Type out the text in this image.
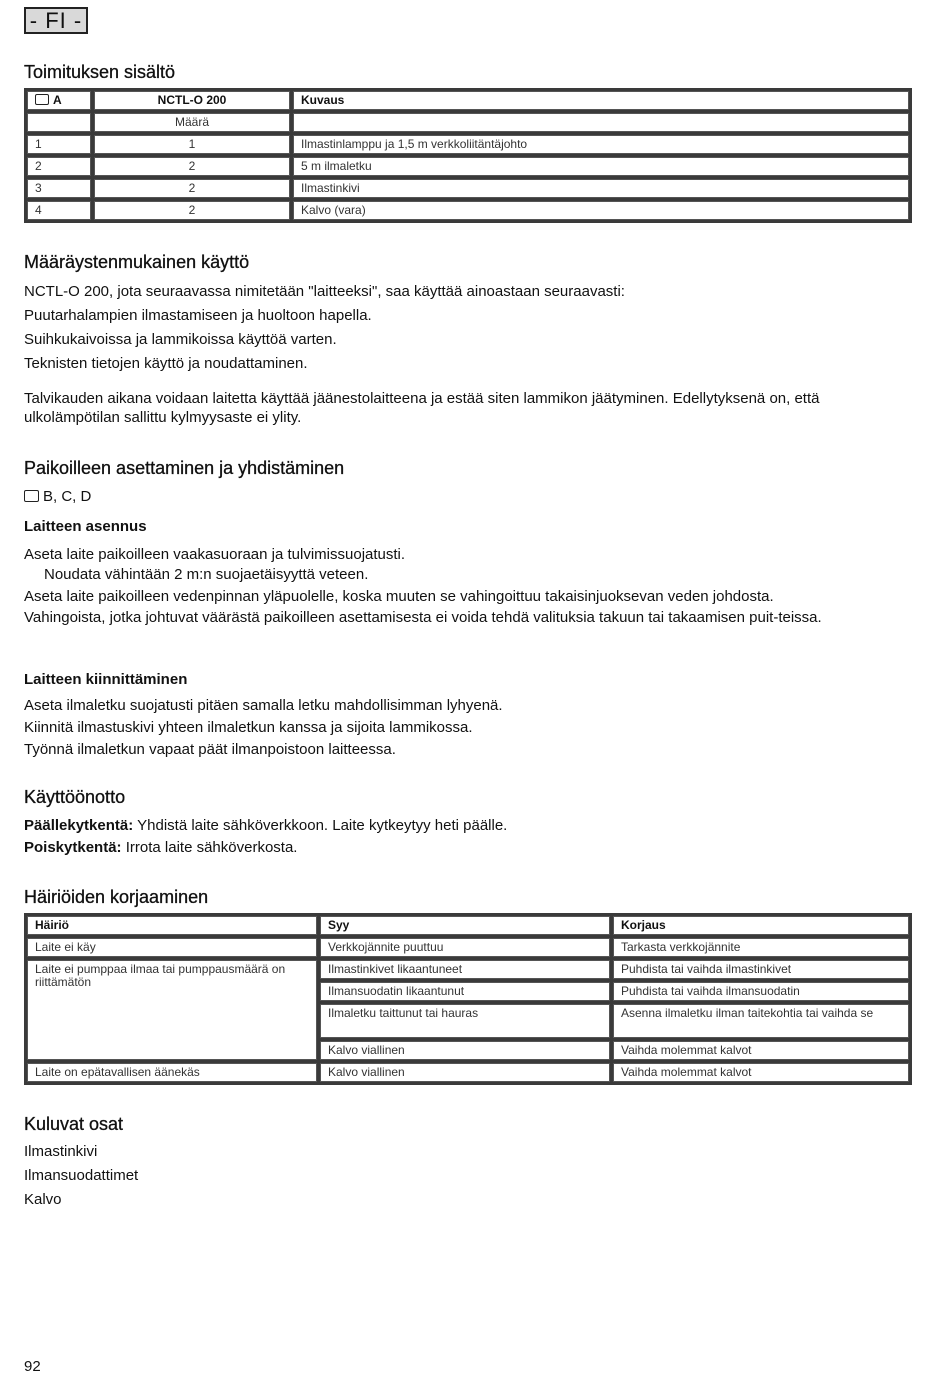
- FI -
Toimituksen sisältö
A	NCTL-O 200	Kuvaus
	Määrä	
1	1	Ilmastinlamppu ja 1,5 m verkkoliitäntäjohto
2	2	5 m ilmaletku
3	2	Ilmastinkivi
4	2	Kalvo (vara)
Määräystenmukainen käyttö

NCTL-O 200, jota seuraavassa nimitetään "laitteeksi", saa käyttää ainoastaan seuraavasti:

Puutarhalampien ilmastamiseen ja huoltoon hapella.

Suihkukaivoissa ja lammikoissa käyttöä varten.

Teknisten tietojen käyttö ja noudattaminen.

Talvikauden aikana voidaan laitetta käyttää jäänestolaitteena ja estää siten lammikon jäätyminen. Edellytyksenä on, että ulkolämpötilan sallittu kylmyysaste ei ylity.

Paikoilleen asettaminen ja yhdistäminen

B, C, D

Laitteen asennus

Aseta laite paikoilleen vaakasuoraan ja tulvimissuojatusti.

Noudata vähintään 2 m:n suojaetäisyyttä veteen.

Aseta laite paikoilleen vedenpinnan yläpuolelle, koska muuten se vahingoittuu takaisinjuoksevan veden johdosta.

Vahingoista, jotka johtuvat väärästä paikoilleen asettamisesta ei voida tehdä valituksia takuun tai takaamisen puit-teissa.

Laitteen kiinnittäminen

Aseta ilmaletku suojatusti pitäen samalla letku mahdollisimman lyhyenä.

Kiinnitä ilmastuskivi yhteen ilmaletkun kanssa ja sijoita lammikossa.

Työnnä ilmaletkun vapaat päät ilmanpoistoon laitteessa.

Käyttöönotto

Päällekytkentä: Yhdistä laite sähköverkkoon. Laite kytkeytyy heti päälle.

Poiskytkentä: Irrota laite sähköverkosta.

Häiriöiden korjaaminen
Häiriö	Syy	Korjaus
Laite ei käy	Verkkojännite puuttuu	Tarkasta verkkojännite
Laite ei pumppaa ilmaa tai pumppausmäärä on riittämätön	Ilmastinkivet likaantuneet	Puhdista tai vaihda ilmastinkivet
	Ilmansuodatin likaantunut	Puhdista tai vaihda ilmansuodatin
	Ilmaletku taittunut tai hauras	Asenna ilmaletku ilman taitekohtia tai vaihda se
	Kalvo viallinen	Vaihda molemmat kalvot
Laite on epätavallisen äänekäs	Kalvo viallinen	Vaihda molemmat kalvot
Kuluvat osat

Ilmastinkivi

Ilmansuodattimet

Kalvo

92
